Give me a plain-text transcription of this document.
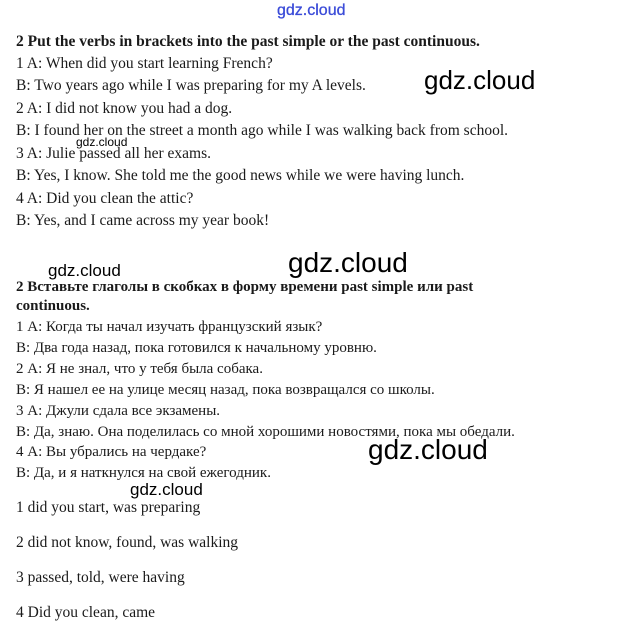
2 Put the verbs in brackets into the past simple or the past continuous.
1 A: When did you start learning French?
B: Two years ago while I was preparing for my A levels.
2 A: I did not know you had a dog.
B: I found her on the street a month ago while I was walking back from school.
3 A: Julie passed all her exams.
B: Yes, I know. She told me the good news while we were having lunch.
4 A: Did you clean the attic?
B: Yes, and I came across my year book!
2 Вставьте глаголы в скобках в форму времени past simple или past
continuous.
1 А: Когда ты начал изучать французский язык?
В: Два года назад, пока готовился к начальному уровню.
2 А: Я не знал, что у тебя была собака.
В: Я нашел ее на улице месяц назад, пока возвращался со школы.
3 А: Джули сдала все экзамены.
В: Да, знаю. Она поделилась со мной хорошими новостями, пока мы обедали.
4 А: Вы убрались на чердаке?
В: Да, и я наткнулся на свой ежегодник.
1 did you start, was preparing
2 did not know, found, was walking
3 passed, told, were having
4 Did you clean, came
gdz.cloud
gdz.cloud
gdz.cloud
gdz.cloud	gdz.cloud
gdz.cloud
gdz.cloud
